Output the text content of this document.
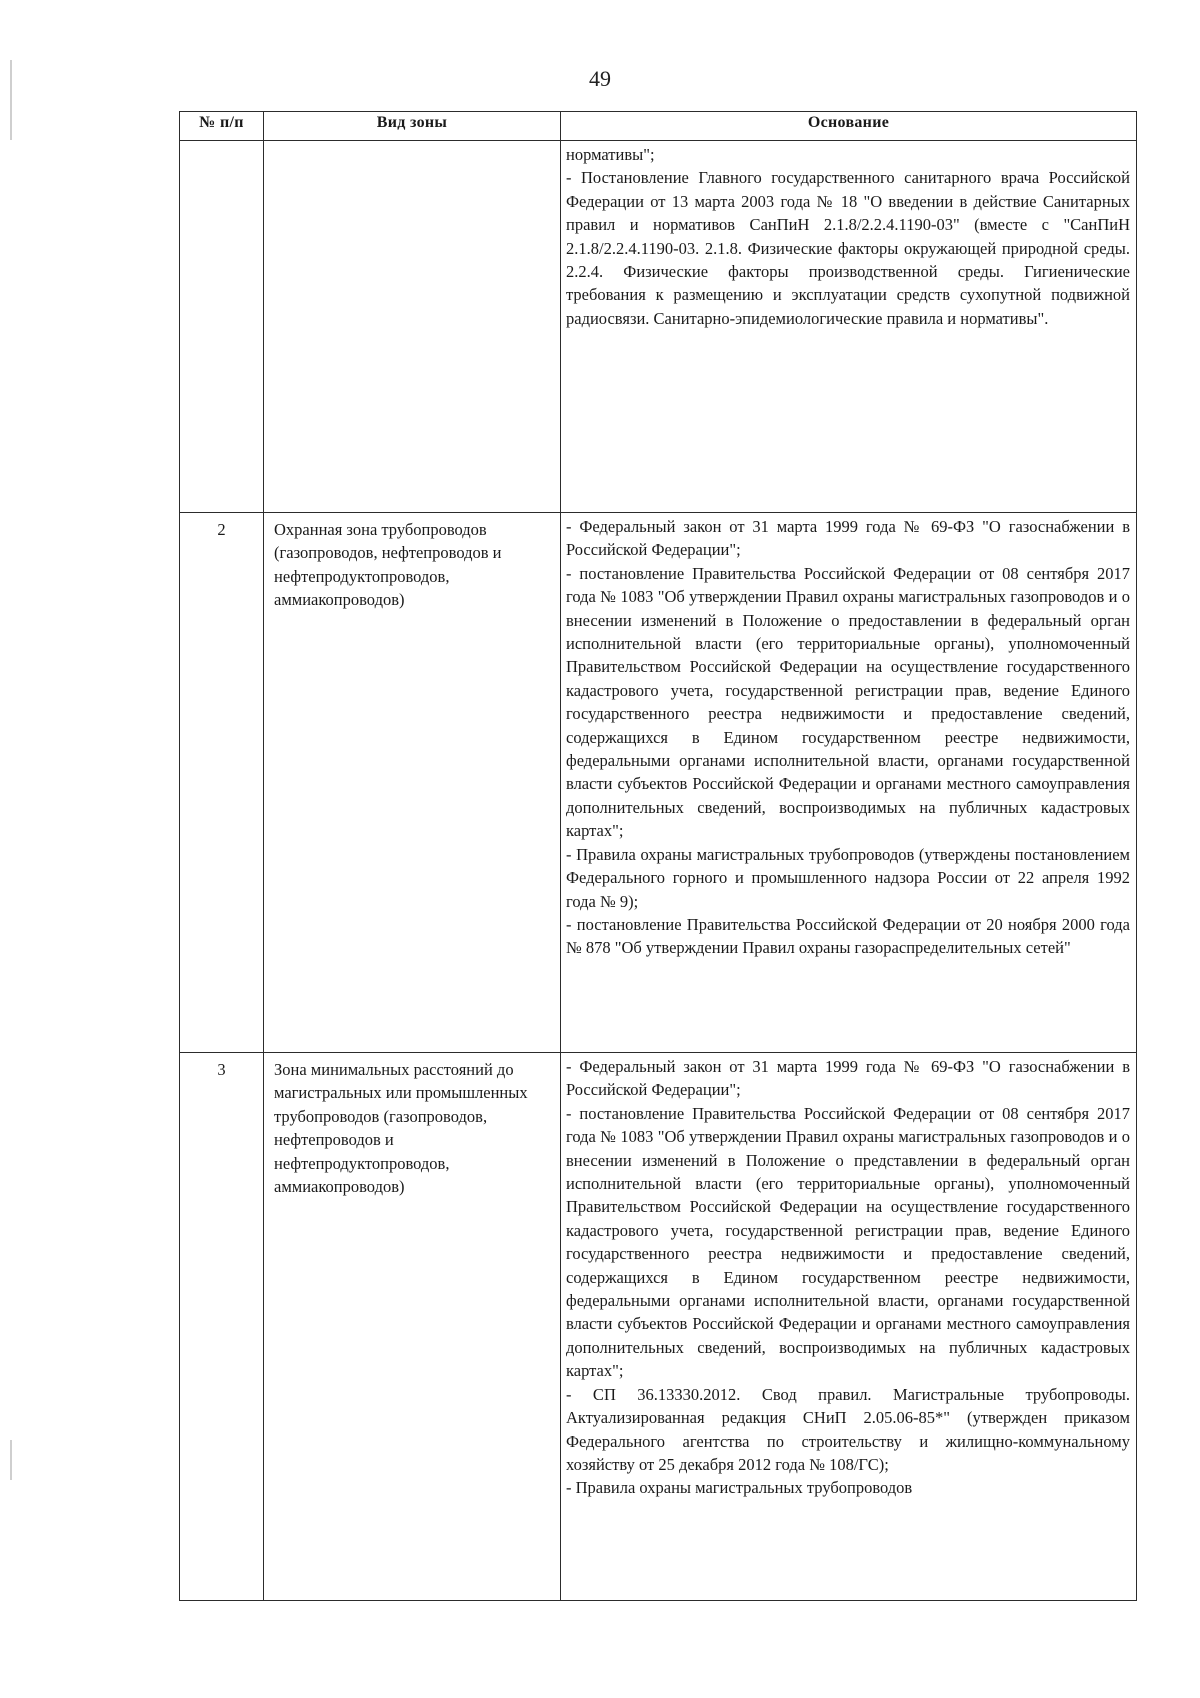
49
№ п/п	Вид зоны	Основание

		нормативы";

- Постановление Главного государственного санитарного врача Российской Федерации от 13 марта 2003 года № 18 "О введении в действие Санитарных правил и нормативов СанПиН 2.1.8/2.2.4.1190-03" (вместе с "СанПиН 2.1.8/2.2.4.1190-03. 2.1.8. Физические факторы окружающей природной среды. 2.2.4. Физические факторы производственной среды. Гигиенические требования к размещению и эксплуатации средств сухопутной подвижной радиосвязи. Санитарно-эпидемиологические правила и нормативы".

2	Охранная зона трубопроводов (газопроводов, нефтепроводов и нефтепродуктопроводов, аммиакопроводов)	- Федеральный закон от 31 марта 1999 года № 69-ФЗ "О газоснабжении в Российской Федерации";

- постановление Правительства Российской Федерации от 08 сентября 2017 года № 1083 "Об утверждении Правил охраны магистральных газопроводов и о внесении изменений в Положение о предоставлении в федеральный орган исполнительной власти (его территориальные органы), уполномоченный Правительством Российской Федерации на осуществление государственного кадастрового учета, государственной регистрации прав, ведение Единого государственного реестра недвижимости и предоставление сведений, содержащихся в Едином государственном реестре недвижимости, федеральными органами исполнительной власти, органами государственной власти субъектов Российской Федерации и органами местного самоуправления дополнительных сведений, воспроизводимых на публичных кадастровых картах";

- Правила охраны магистральных трубопроводов (утверждены постановлением Федерального горного и промышленного надзора России от 22 апреля 1992 года № 9);

- постановление Правительства Российской Федерации от 20 ноября 2000 года № 878 "Об утверждении Правил охраны газораспределительных сетей"

3	Зона минимальных расстояний до магистральных или промышленных трубопроводов (газопроводов, нефтепроводов и нефтепродуктопроводов, аммиакопроводов)	- Федеральный закон от 31 марта 1999 года № 69-ФЗ "О газоснабжении в Российской Федерации";

- постановление Правительства Российской Федерации от 08 сентября 2017 года № 1083 "Об утверждении Правил охраны магистральных газопроводов и о внесении изменений в Положение о представлении в федеральный орган исполнительной власти (его территориальные органы), уполномоченный Правительством Российской Федерации на осуществление государственного кадастрового учета, государственной регистрации прав, ведение Единого государственного реестра недвижимости и предоставление сведений, содержащихся в Едином государственном реестре недвижимости, федеральными органами исполнительной власти, органами государственной власти субъектов Российской Федерации и органами местного самоуправления дополнительных сведений, воспроизводимых на публичных кадастровых картах";

- СП 36.13330.2012. Свод правил. Магистральные трубопроводы. Актуализированная редакция СНиП 2.05.06-85*" (утвержден приказом Федерального агентства по строительству и жилищно-коммунальному хозяйству от 25 декабря 2012 года № 108/ГС);

- Правила охраны магистральных трубопроводов
